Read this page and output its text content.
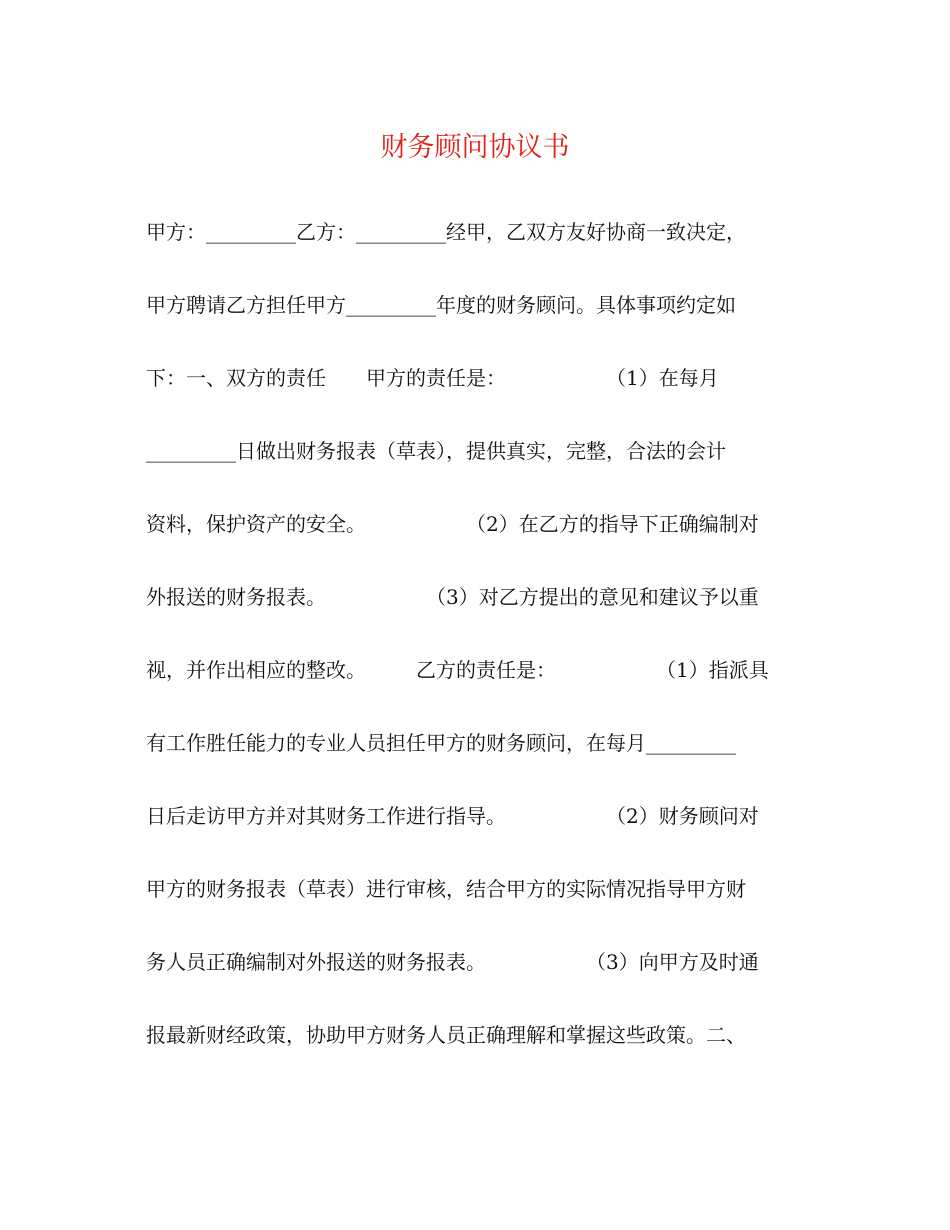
财务顾问协议书
甲方：_________乙方：_________经甲，乙双方友好协商一致决定，
甲方聘请乙方担任甲方_________年度的财务顾问。具体事项约定如
下：一、双方的责任　　甲方的责任是：　　　　　　（1）在每月
_________日做出财务报表（草表），提供真实，完整，合法的会计
资料，保护资产的安全。　　　　　　（2）在乙方的指导下正确编制对
外报送的财务报表。　　　　　　（3）对乙方提出的意见和建议予以重
视，并作出相应的整改。　　　乙方的责任是：　　　　　　（1）指派具
有工作胜任能力的专业人员担任甲方的财务顾问，在每月_________
日后走访甲方并对其财务工作进行指导。　　　　　　（2）财务顾问对
甲方的财务报表（草表）进行审核，结合甲方的实际情况指导甲方财
务人员正确编制对外报送的财务报表。　　　　　　（3）向甲方及时通
报最新财经政策，协助甲方财务人员正确理解和掌握这些政策。二、
